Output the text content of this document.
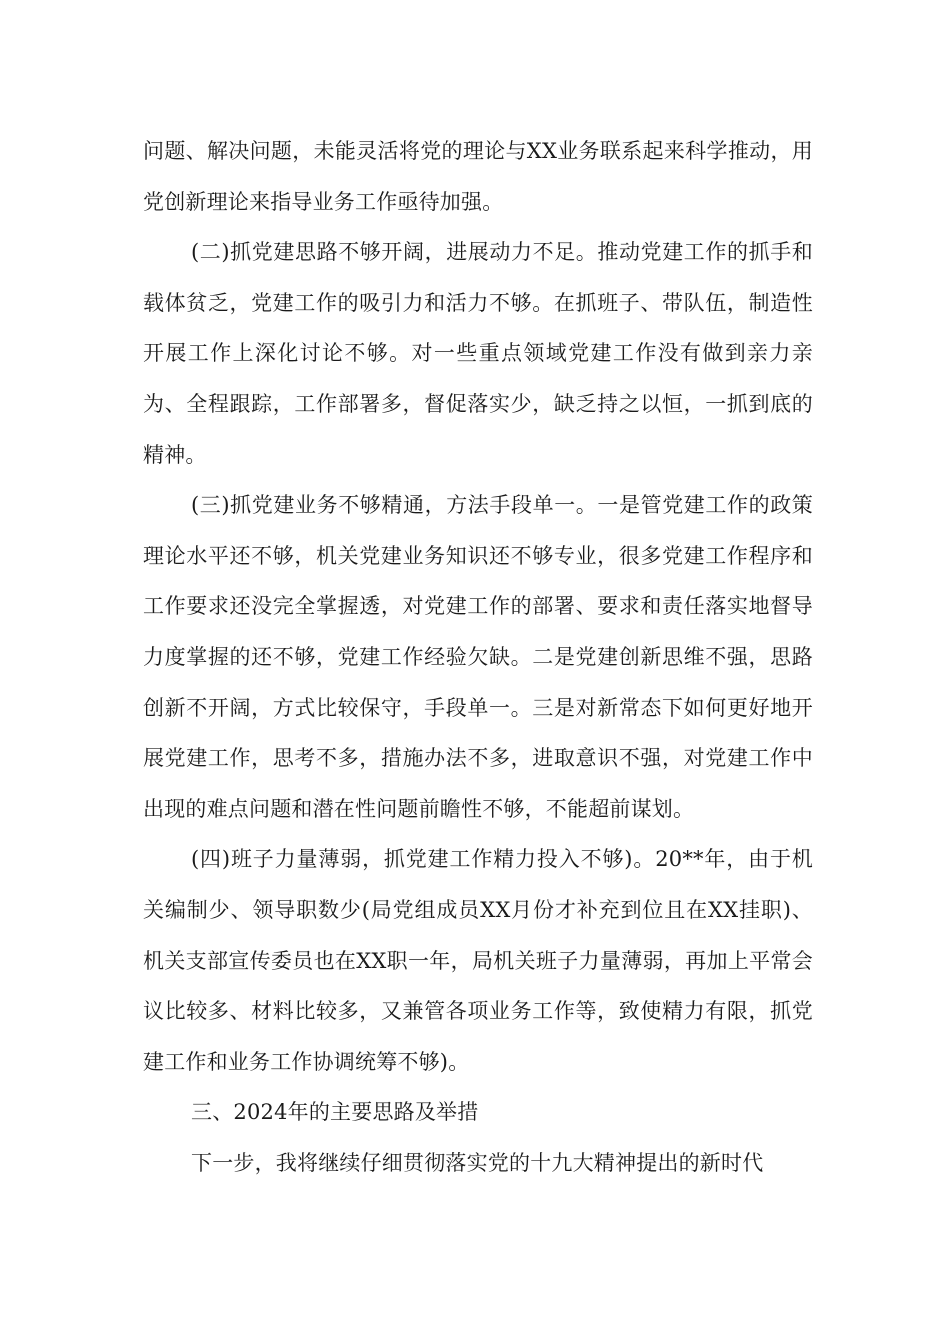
问题、解决问题，未能灵活将党的理论与XX业务联系起来科学推动，用党创新理论来指导业务工作亟待加强。

(二)抓党建思路不够开阔，进展动力不足。推动党建工作的抓手和载体贫乏，党建工作的吸引力和活力不够。在抓班子、带队伍，制造性开展工作上深化讨论不够。对一些重点领域党建工作没有做到亲力亲为、全程跟踪，工作部署多，督促落实少，缺乏持之以恒，一抓到底的精神。

(三)抓党建业务不够精通，方法手段单一。一是管党建工作的政策理论水平还不够，机关党建业务知识还不够专业，很多党建工作程序和工作要求还没完全掌握透，对党建工作的部署、要求和责任落实地督导力度掌握的还不够，党建工作经验欠缺。二是党建创新思维不强，思路创新不开阔，方式比较保守，手段单一。三是对新常态下如何更好地开展党建工作，思考不多，措施办法不多，进取意识不强，对党建工作中出现的难点问题和潜在性问题前瞻性不够，不能超前谋划。

(四)班子力量薄弱，抓党建工作精力投入不够)。20**年，由于机关编制少、领导职数少(局党组成员XX月份才补充到位且在XX挂职)、机关支部宣传委员也在XX职一年，局机关班子力量薄弱，再加上平常会议比较多、材料比较多，又兼管各项业务工作等，致使精力有限，抓党建工作和业务工作协调统筹不够)。

三、2024年的主要思路及举措

下一步，我将继续仔细贯彻落实党的十九大精神提出的新时代
